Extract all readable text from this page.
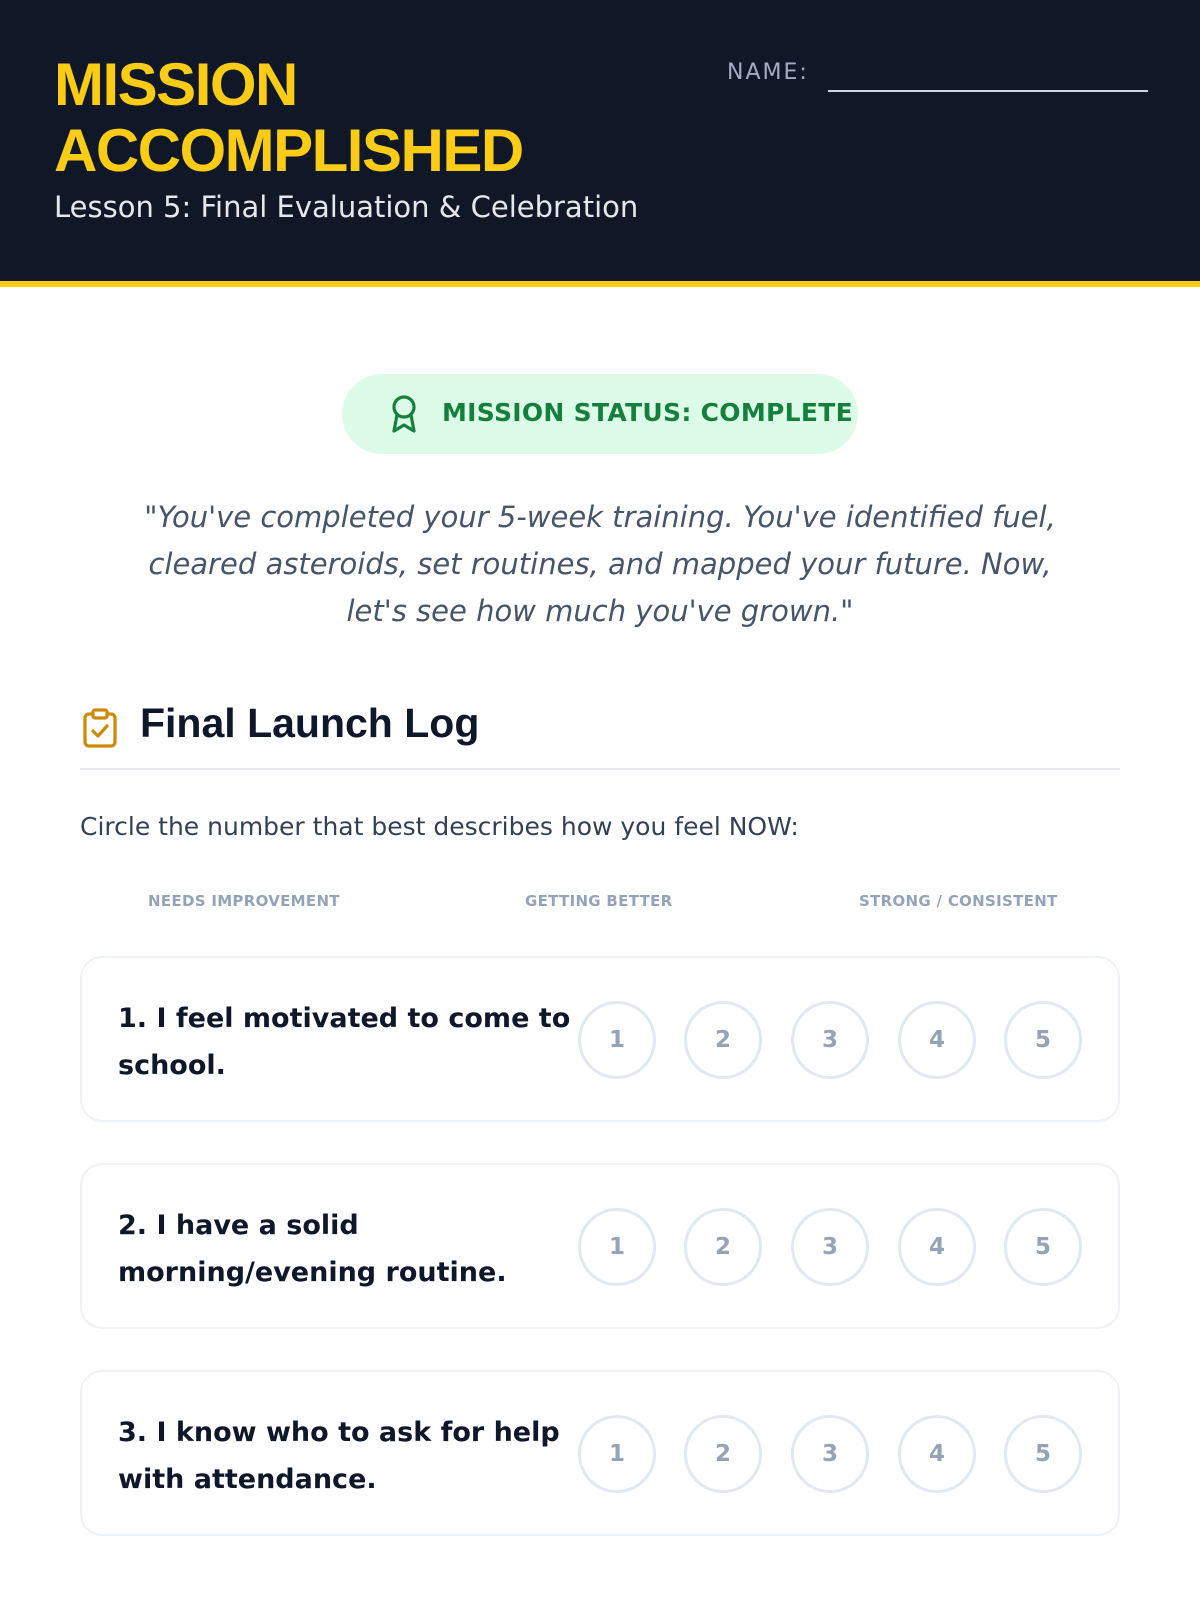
MISSION ACCOMPLISHED

Lesson 5: Final Evaluation & Celebration

NAME:
MISSION STATUS: COMPLETE

"You've completed your 5-week training. You've identified fuel, cleared asteroids, set routines, and mapped your future. Now, let's see how much you've grown."

Final Launch Log
Circle the number that best describes how you feel NOW:
NEEDS IMPROVEMENT	GETTING BETTER	STRONG / CONSISTENT

1. I feel motivated to come to school.

1	2	3	4	5

2. I have a solid morning/evening routine.

1	2	3	4	5

3. I know who to ask for help with attendance.

1	2	3	4	5
